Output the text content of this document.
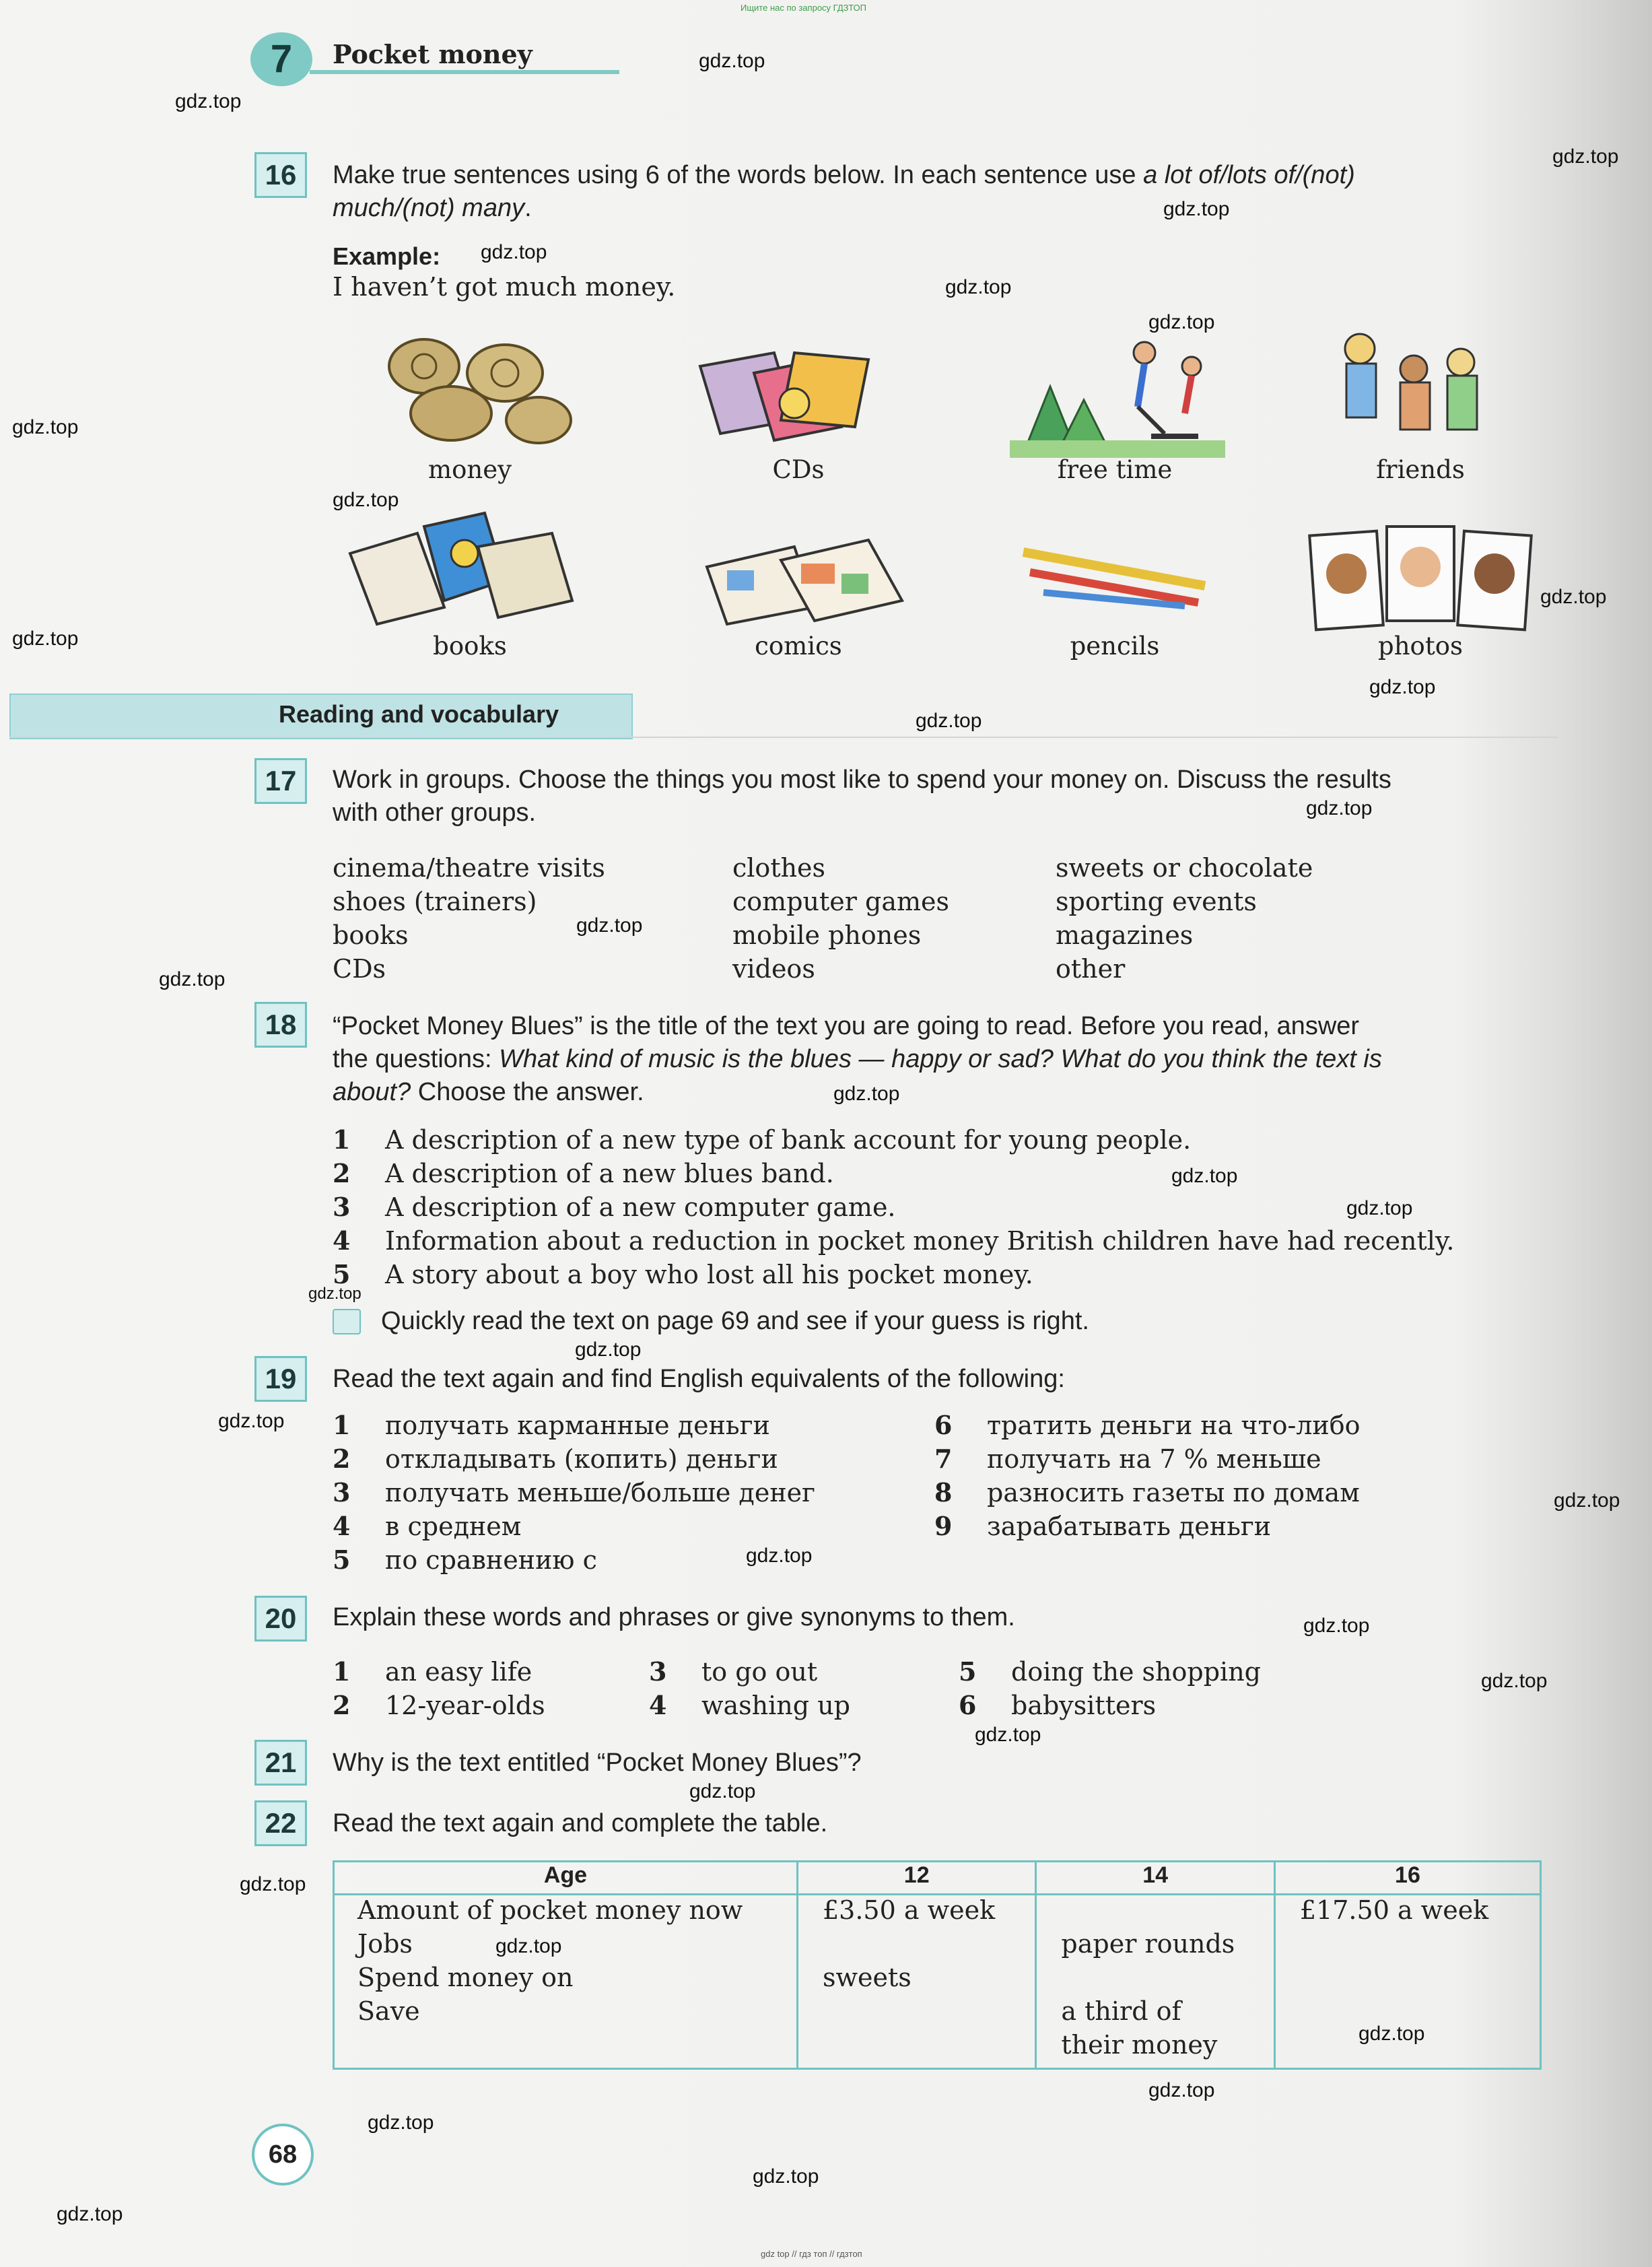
Ищите нас по запросу ГДЗТОП
7	Pocket money
16	Make true sentences using 6 of the words below. In each sentence use a lot of/lots of/(not)
much/(not) many.
Example:
I haven’t got much money.
money	CDs	free time	friends
books	comics	pencils	photos
Reading and vocabulary
17	Work in groups. Choose the things you most like to spend your money on. Discuss the results
with other groups.
cinema/theatre visits
shoes (trainers)
books
CDs
clothes
computer games
mobile phones
videos
sweets or chocolate
sporting events
magazines
other
18	“Pocket Money Blues” is the title of the text you are going to read. Before you read, answer
the questions: What kind of music is the blues — happy or sad? What do you think the text is
about? Choose the answer.
1 A description of a new type of bank account for young people.
2 A description of a new blues band.
3 A description of a new computer game.
4 Information about a reduction in pocket money British children have had recently.
5 A story about a boy who lost all his pocket money.
Quickly read the text on page 69 and see if your guess is right.
19	Read the text again and find English equivalents of the following:
1 получать карманные деньги
2 откладывать (копить) деньги
3 получать меньше/больше денег
4 в среднем
5 по сравнению с
6 тратить деньги на что-либо
7 получать на 7 % меньше
8 разносить газеты по домам
9 зарабатывать деньги
20	Explain these words and phrases or give synonyms to them.
1 an easy life
2 12-year-olds
3 to go out
4 washing up
5 doing the shopping
6 babysitters
21	Why is the text entitled “Pocket Money Blues”?
22	Read the text again and complete the table.
Age	12	14	16
Amount of pocket money now	£3.50 a week		£17.50 a week
Jobs		paper rounds	
Spend money on	sweets		
Save		a third of	
		their money	
68
gdz.top
gdz.top
gdz.top
gdz.top
gdz.top
gdz.top
gdz.top
gdz.top
gdz.top
gdz.top
gdz.top
gdz.top
gdz.top
gdz.top
gdz.top
gdz.top
gdz.top
gdz.top
gdz.top
gdz.top
gdz.top
gdz.top
gdz.top
gdz.top
gdz.top
gdz.top
gdz.top
gdz.top
gdz.top
gdz.top
gdz.top
gdz.top
gdz.top
gdz.top
gdz.top
gdz top // гдз топ // гдзтоп
